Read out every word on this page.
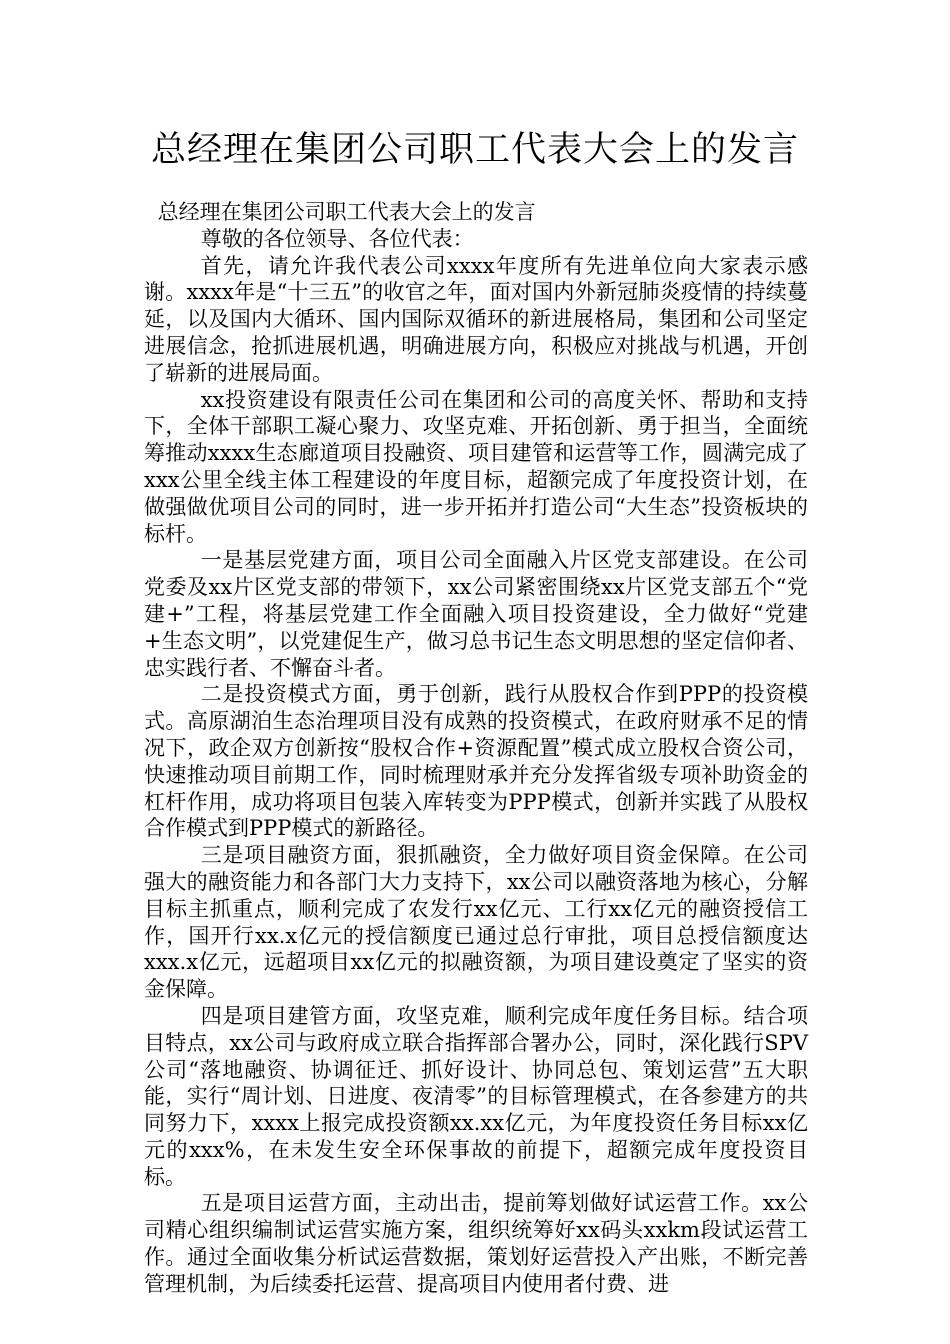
总经理在集团公司职工代表大会上的发言

总经理在集团公司职工代表大会上的发言

尊敬的各位领导、各位代表：

首先，请允许我代表公司xxxx年度所有先进单位向大家表示感谢。xxxx年是“十三五”的收官之年，面对国内外新冠肺炎疫情的持续蔓延，以及国内大循环、国内国际双循环的新进展格局，集团和公司坚定进展信念，抢抓进展机遇，明确进展方向，积极应对挑战与机遇，开创了崭新的进展局面。

xx投资建设有限责任公司在集团和公司的高度关怀、帮助和支持下，全体干部职工凝心聚力、攻坚克难、开拓创新、勇于担当，全面统筹推动xxxx生态廊道项目投融资、项目建管和运营等工作，圆满完成了xxx公里全线主体工程建设的年度目标，超额完成了年度投资计划，在做强做优项目公司的同时，进一步开拓并打造公司“大生态”投资板块的标杆。

一是基层党建方面，项目公司全面融入片区党支部建设。在公司党委及xx片区党支部的带领下，xx公司紧密围绕xx片区党支部五个“党建+”工程，将基层党建工作全面融入项目投资建设，全力做好“党建+生态文明”，以党建促生产，做习总书记生态文明思想的坚定信仰者、忠实践行者、不懈奋斗者。

二是投资模式方面，勇于创新，践行从股权合作到PPP的投资模式。高原湖泊生态治理项目没有成熟的投资模式，在政府财承不足的情况下，政企双方创新按“股权合作+资源配置”模式成立股权合资公司，快速推动项目前期工作，同时梳理财承并充分发挥省级专项补助资金的杠杆作用，成功将项目包装入库转变为PPP模式，创新并实践了从股权合作模式到PPP模式的新路径。

三是项目融资方面，狠抓融资，全力做好项目资金保障。在公司强大的融资能力和各部门大力支持下，xx公司以融资落地为核心，分解目标主抓重点，顺利完成了农发行xx亿元、工行xx亿元的融资授信工作，国开行xx.x亿元的授信额度已通过总行审批，项目总授信额度达xxx.x亿元，远超项目xx亿元的拟融资额，为项目建设奠定了坚实的资金保障。

四是项目建管方面，攻坚克难，顺利完成年度任务目标。结合项目特点，xx公司与政府成立联合指挥部合署办公，同时，深化践行SPV公司“落地融资、协调征迁、抓好设计、协同总包、策划运营”五大职能，实行“周计划、日进度、夜清零”的目标管理模式，在各参建方的共同努力下，xxxx上报完成投资额xx.xx亿元，为年度投资任务目标xx亿元的xxx%，在未发生安全环保事故的前提下，超额完成年度投资目标。

五是项目运营方面，主动出击，提前筹划做好试运营工作。xx公司精心组织编制试运营实施方案，组织统筹好xx码头xxkm段试运营工作。通过全面收集分析试运营数据，策划好运营投入产出账，不断完善管理机制，为后续委托运营、提高项目内使用者付费、进
